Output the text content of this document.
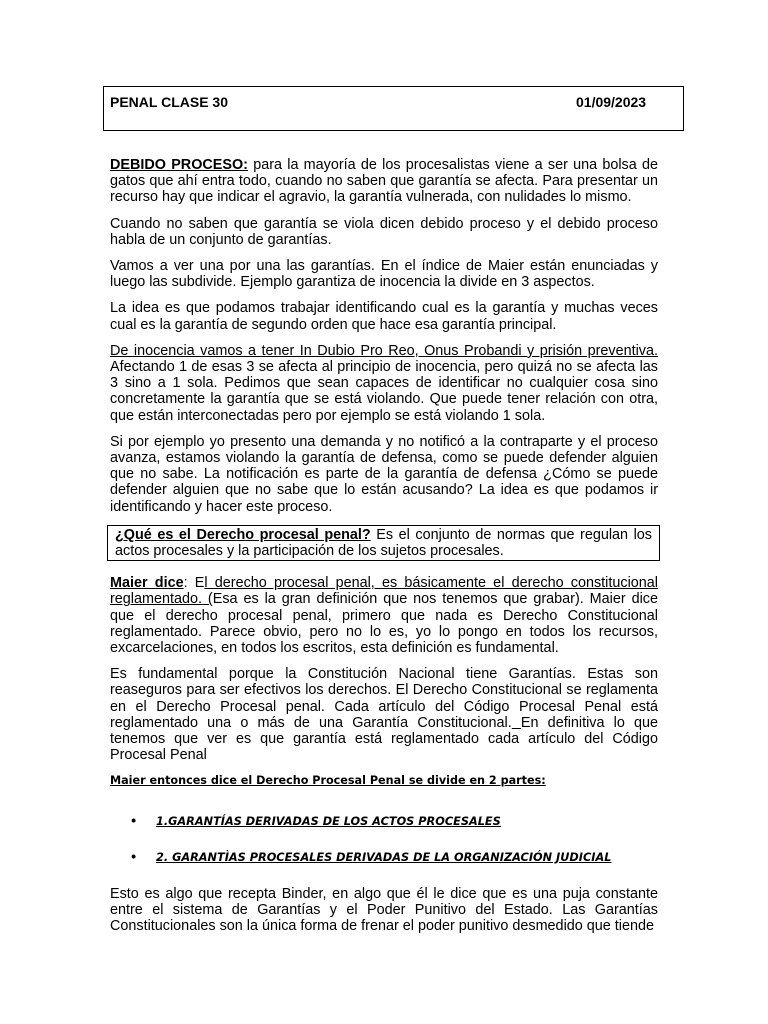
PENAL CLASE 30	01/09/2023

DEBIDO PROCESO: para la mayoría de los procesalistas viene a ser una bolsa de gatos que ahí entra todo, cuando no saben que garantía se afecta. Para presentar un recurso hay que indicar el agravio, la garantía vulnerada, con nulidades lo mismo.

Cuando no saben que garantía se viola dicen debido proceso y el debido proceso habla de un conjunto de garantías.

Vamos a ver una por una las garantías. En el índice de Maier están enunciadas y luego las subdivide. Ejemplo garantiza de inocencia la divide en 3 aspectos.

La idea es que podamos trabajar identificando cual es la garantía y muchas veces cual es la garantía de segundo orden que hace esa garantía principal.

De inocencia vamos a tener In Dubio Pro Reo, Onus Probandi y prisión preventiva. Afectando 1 de esas 3 se afecta al principio de inocencia, pero quizá no se afecta las 3 sino a 1 sola. Pedimos que sean capaces de identificar no cualquier cosa sino concretamente la garantía que se está violando. Que puede tener relación con otra, que están interconectadas pero por ejemplo se está violando 1 sola.

Si por ejemplo yo presento una demanda y no notificó a la contraparte y el proceso avanza, estamos violando la garantía de defensa, como se puede defender alguien que no sabe. La notificación es parte de la garantía de defensa ¿Cómo se puede defender alguien que no sabe que lo están acusando? La idea es que podamos ir identificando y hacer este proceso.

¿Qué es el Derecho procesal penal? Es el conjunto de normas que regulan los actos procesales y la participación de los sujetos procesales.

Maier dice: El derecho procesal penal, es básicamente el derecho constitucional reglamentado. (Esa es la gran definición que nos tenemos que grabar). Maier dice que el derecho procesal penal, primero que nada es Derecho Constitucional reglamentado. Parece obvio, pero no lo es, yo lo pongo en todos los recursos, excarcelaciones, en todos los escritos, esta definición es fundamental.

Es fundamental porque la Constitución Nacional tiene Garantías. Estas son reaseguros para ser efectivos los derechos. El Derecho Constitucional se reglamenta en el Derecho Procesal penal. Cada artículo del Código Procesal Penal está reglamentado una o más de una Garantía Constitucional. En definitiva lo que tenemos que ver es que garantía está reglamentado cada artículo del Código Procesal Penal

Maier entonces dice el Derecho Procesal Penal se divide en 2 partes:
• 1.GARANTÍAS DERIVADAS DE LOS ACTOS PROCESALES
• 2. GARANTÌAS PROCESALES DERIVADAS DE LA ORGANIZACIÓN JUDICIAL

Esto es algo que recepta Binder, en algo que él le dice que es una puja constante entre el sistema de Garantías y el Poder Punitivo del Estado. Las Garantías Constitucionales son la única forma de frenar el poder punitivo desmedido que tiende
